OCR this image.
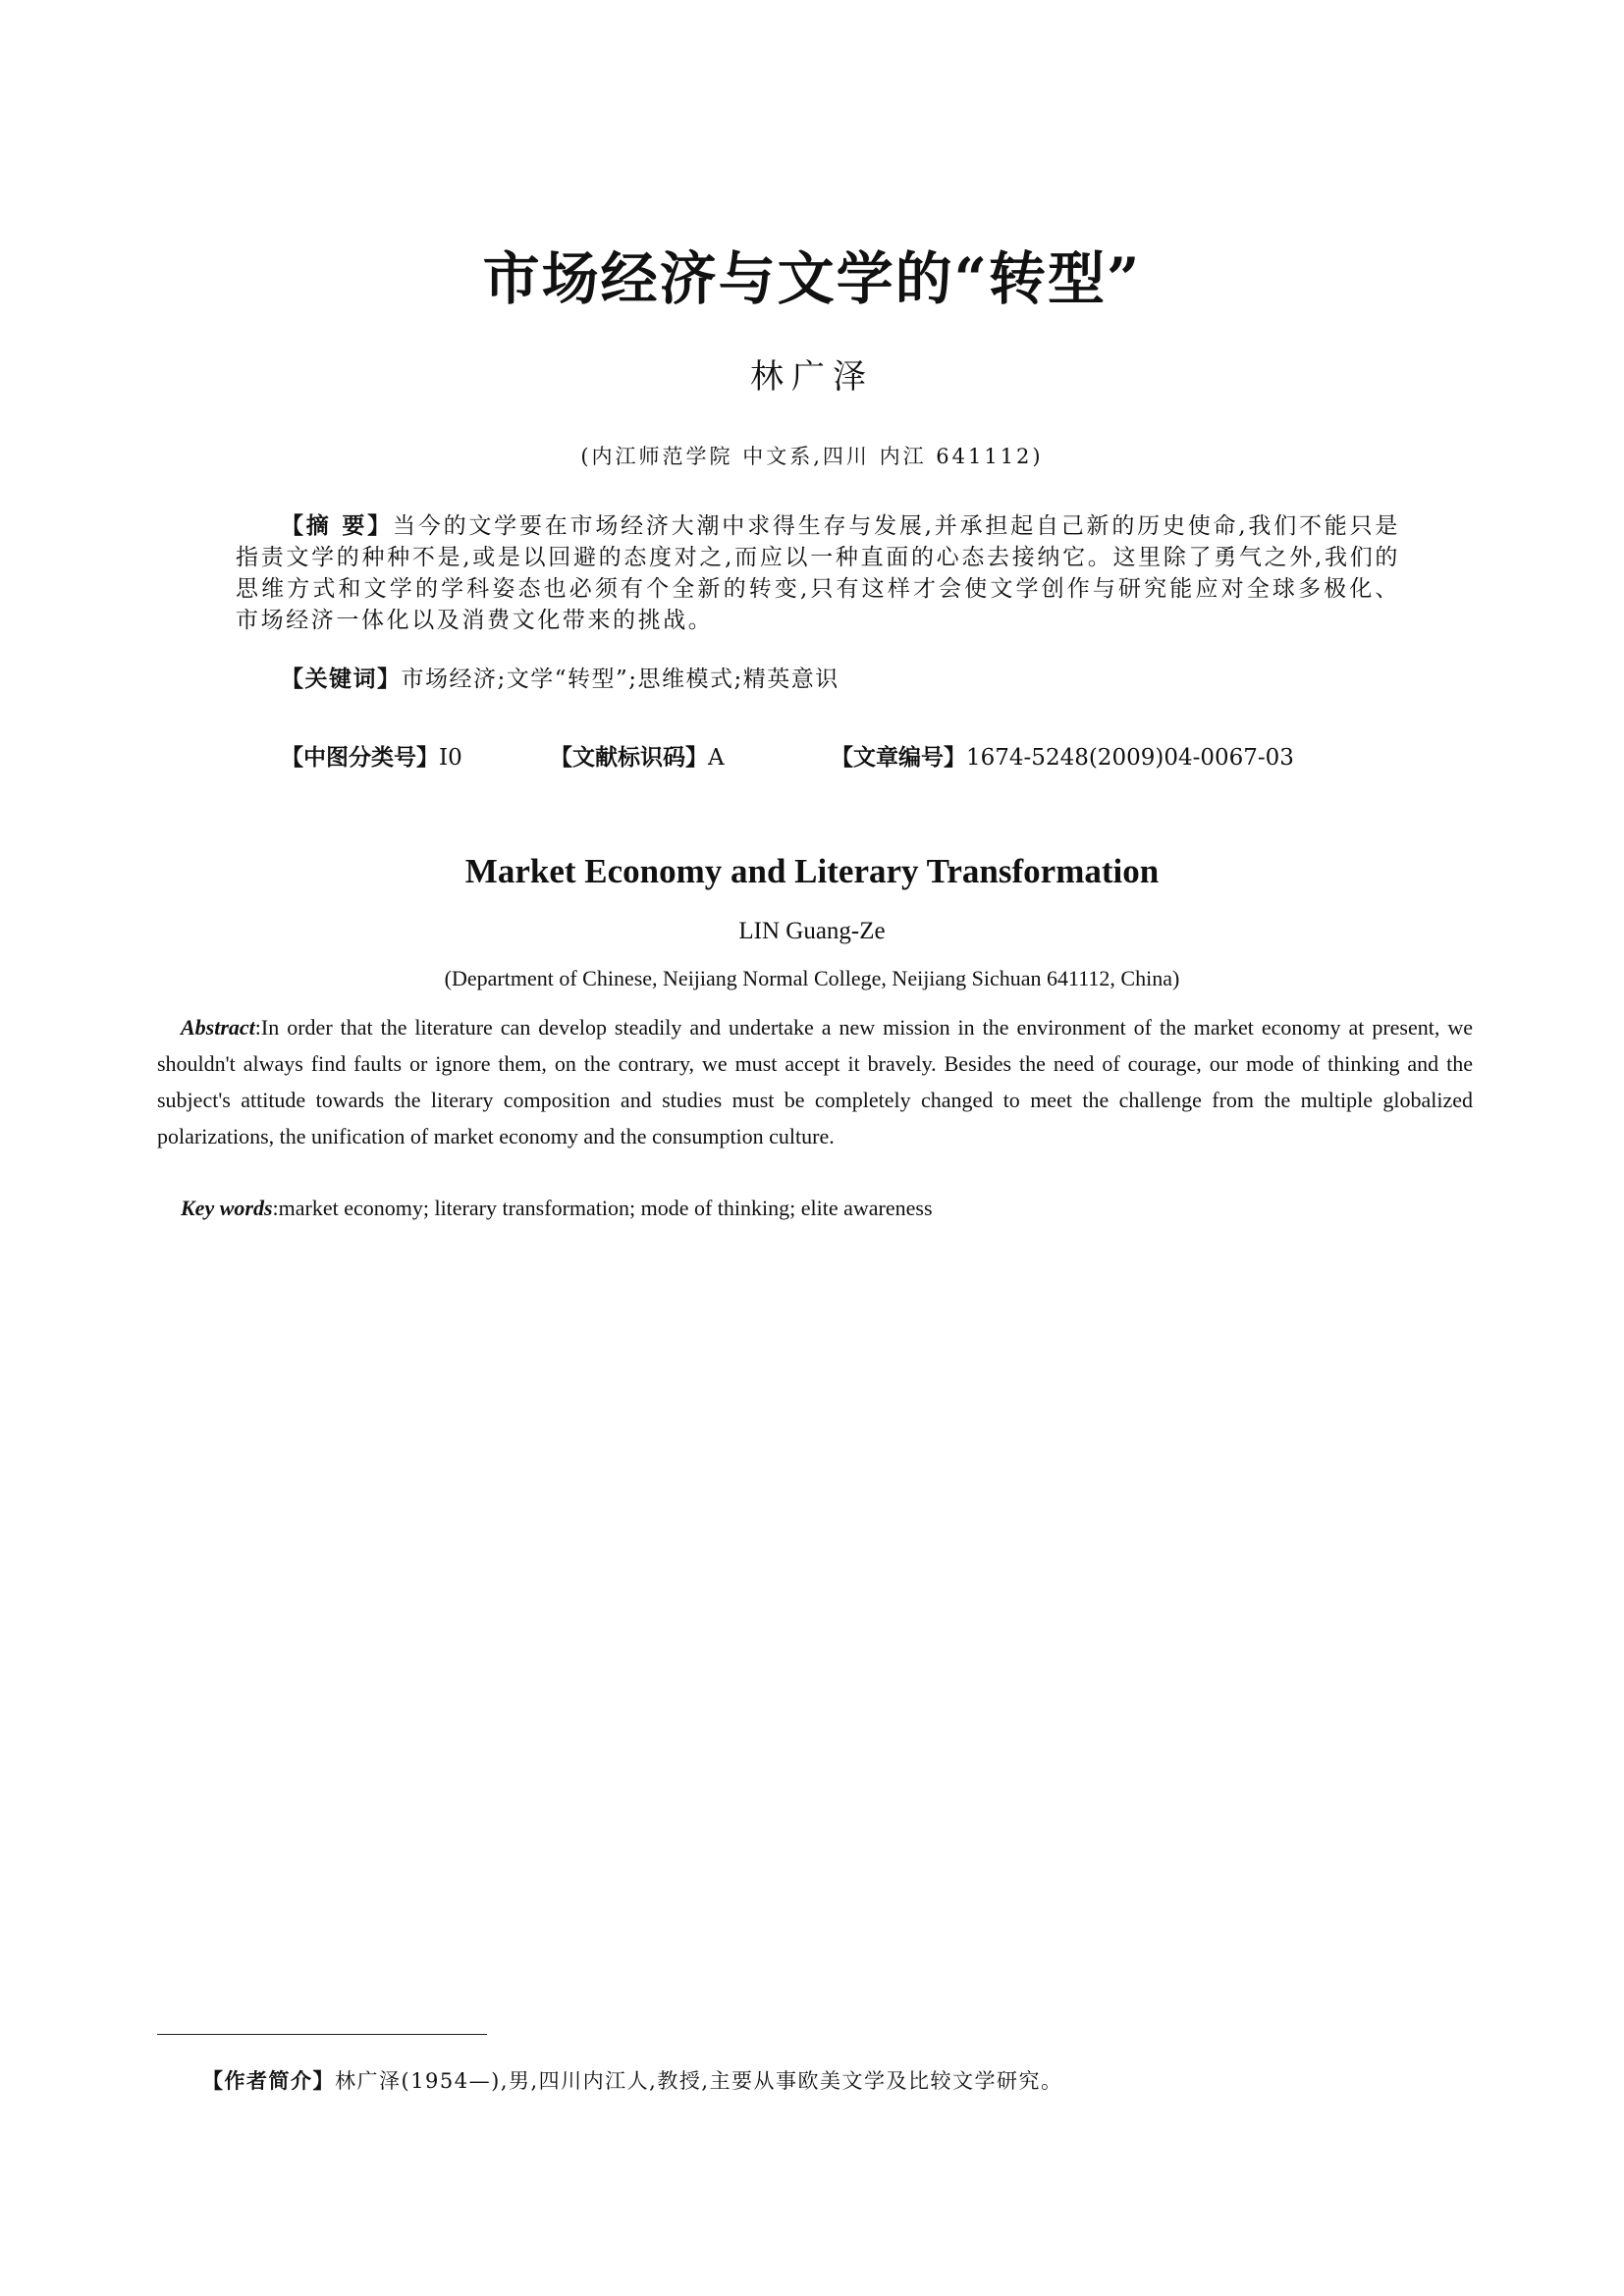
市场经济与文学的“转型”
林广泽
(内江师范学院 中文系,四川 内江 641112)
【摘 要】当今的文学要在市场经济大潮中求得生存与发展,并承担起自己新的历史使命,我们不能只是指责文学的种种不是,或是以回避的态度对之,而应以一种直面的心态去接纳它。这里除了勇气之外,我们的思维方式和文学的学科姿态也必须有个全新的转变,只有这样才会使文学创作与研究能应对全球多极化、市场经济一体化以及消费文化带来的挑战。
【关键词】市场经济;文学“转型”;思维模式;精英意识
【中图分类号】I0	【文献标识码】A	【文章编号】1674-5248(2009)04-0067-03
Market Economy and Literary Transformation
LIN Guang-Ze
(Department of Chinese, Neijiang Normal College, Neijiang Sichuan 641112, China)
Abstract:In order that the literature can develop steadily and undertake a new mission in the environment of the market economy at present, we shouldn't always find faults or ignore them, on the contrary, we must accept it bravely. Besides the need of courage, our mode of thinking and the subject's attitude towards the literary composition and studies must be completely changed to meet the challenge from the multiple globalized polarizations, the unification of market economy and the consumption culture.
Key words:market economy; literary transformation; mode of thinking; elite awareness
【作者简介】林广泽(1954—),男,四川内江人,教授,主要从事欧美文学及比较文学研究。
